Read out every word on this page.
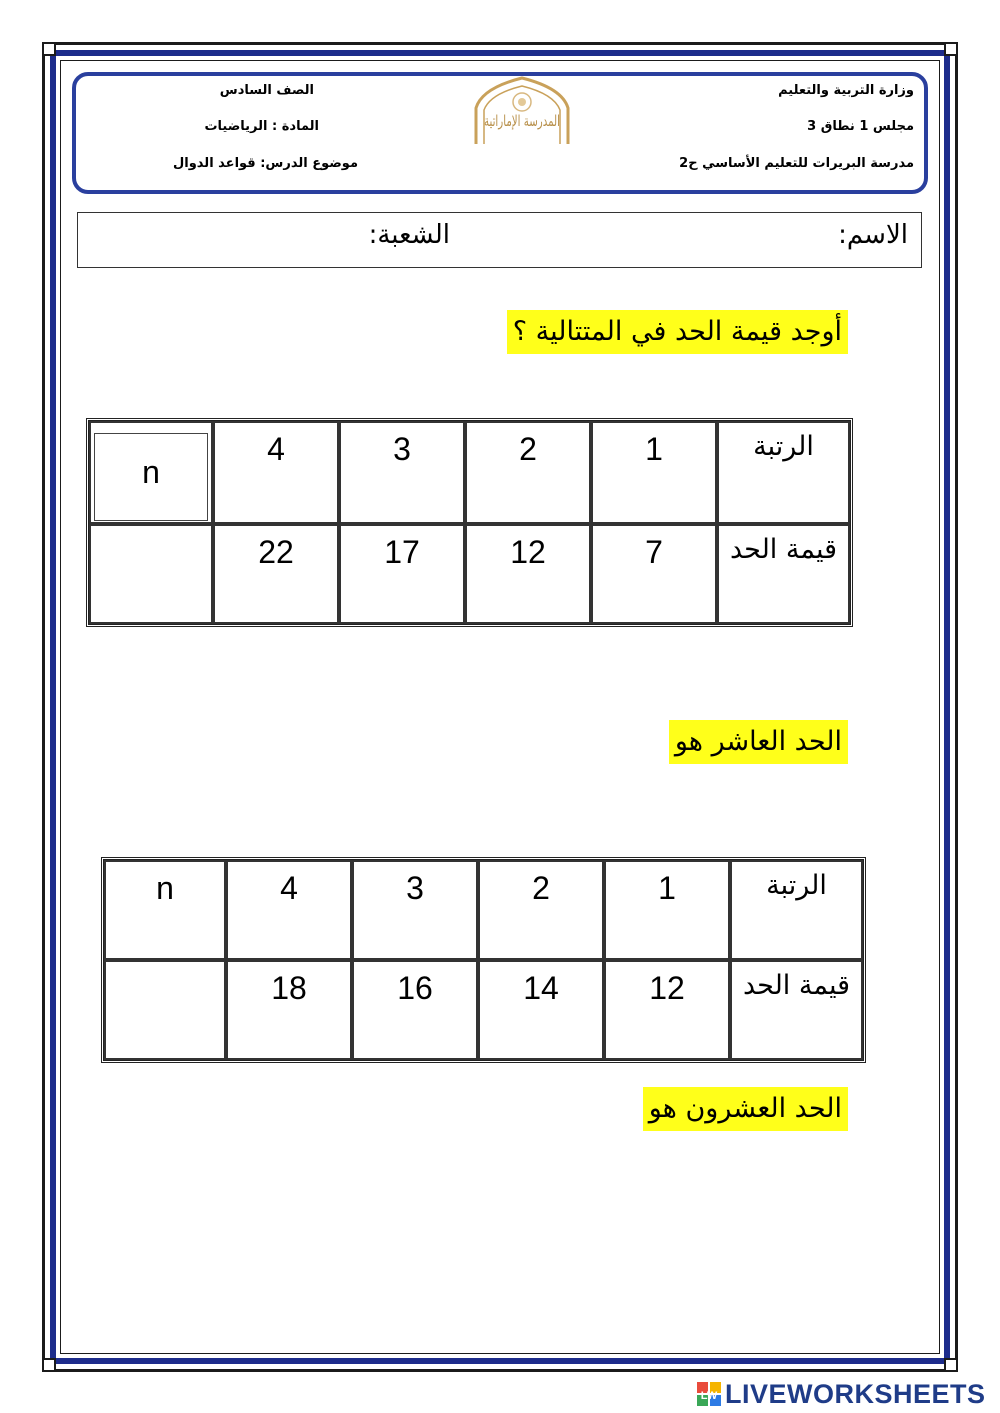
وزارة التربية والتعليم
مجلس 1 نطاق 3
مدرسة البريرات للتعليم الأساسي ح2
الصف السادس
المادة : الرياضيات
موضوع الدرس: قواعد الدوال
المدرسة الإماراتية
الاسم:
الشعبة:
أوجد قيمة الحد في المتتالية ؟
n	4	3	2	1	الرتبة
	22	17	12	7	قيمة الحد
الحد العاشر هو
n	4	3	2	1	الرتبة
	18	16	14	12	قيمة الحد
الحد العشرون هو
LW LIVEWORKSHEETS
